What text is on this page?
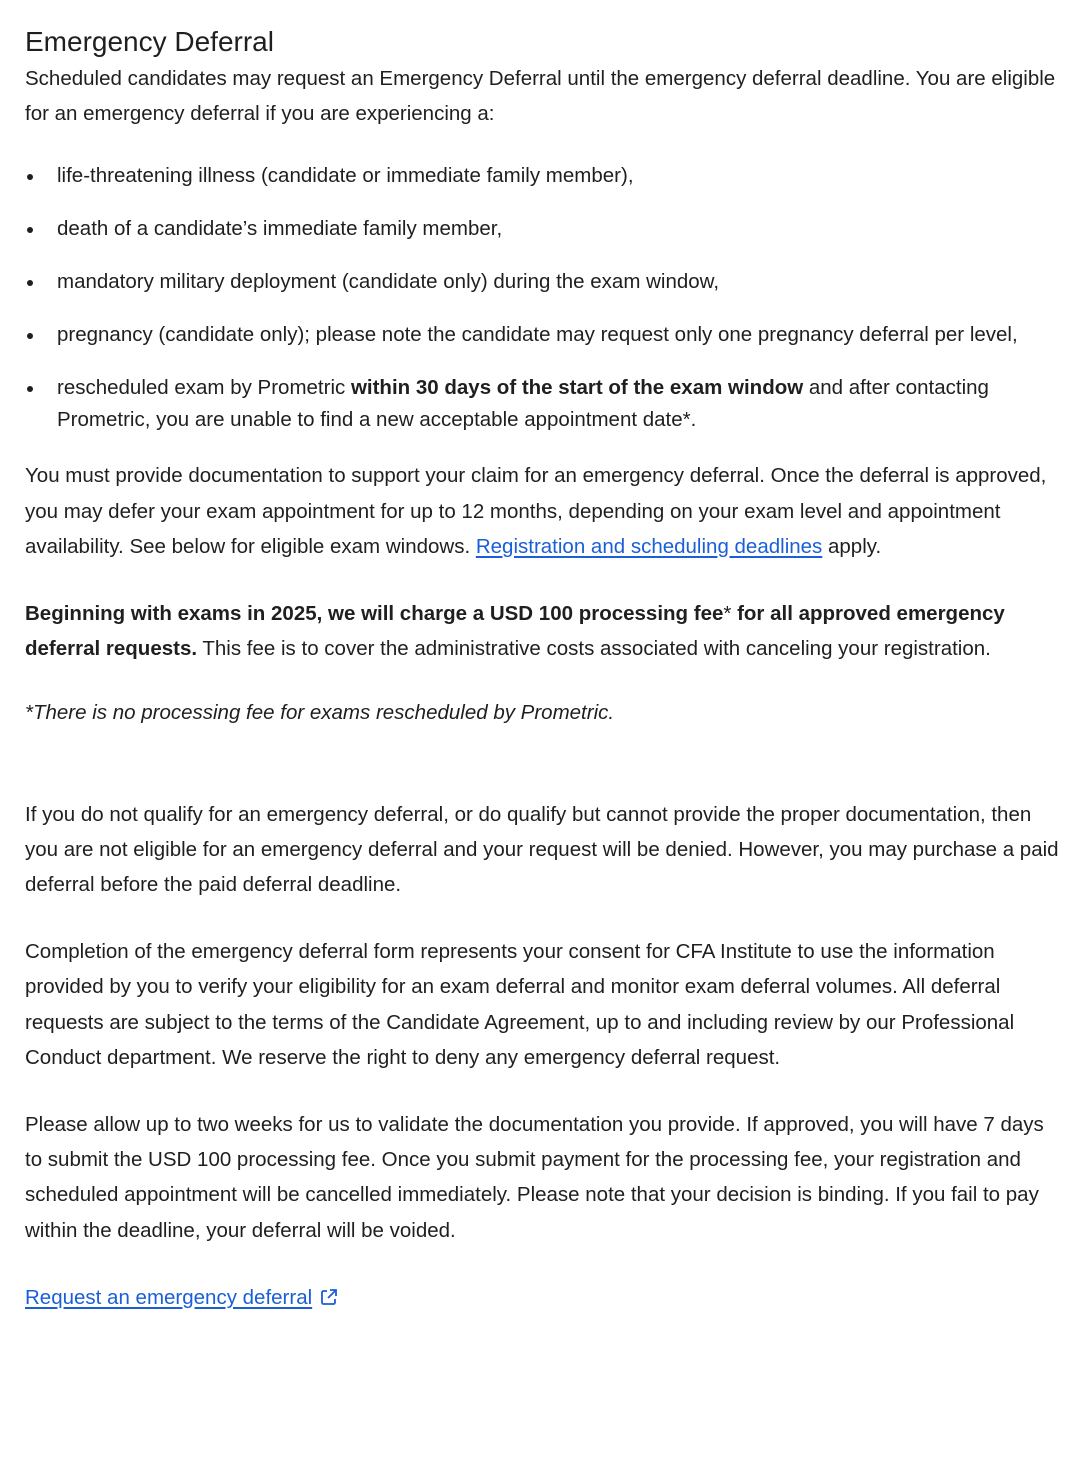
Emergency Deferral

Scheduled candidates may request an Emergency Deferral until the emergency deferral deadline. You are eligible for an emergency deferral if you are experiencing a:

life-threatening illness (candidate or immediate family member),
death of a candidate’s immediate family member,
mandatory military deployment (candidate only) during the exam window,
pregnancy (candidate only); please note the candidate may request only one pregnancy deferral per level,
rescheduled exam by Prometric within 30 days of the start of the exam window and after contacting Prometric, you are unable to find a new acceptable appointment date*.

You must provide documentation to support your claim for an emergency deferral. Once the deferral is approved, you may defer your exam appointment for up to 12 months, depending on your exam level and appointment availability. See below for eligible exam windows. Registration and scheduling deadlines apply.

Beginning with exams in 2025, we will charge a USD 100 processing fee* for all approved emergency deferral requests. This fee is to cover the administrative costs associated with canceling your registration.

*There is no processing fee for exams rescheduled by Prometric.

If you do not qualify for an emergency deferral, or do qualify but cannot provide the proper documentation, then you are not eligible for an emergency deferral and your request will be denied. However, you may purchase a paid deferral before the paid deferral deadline.

Completion of the emergency deferral form represents your consent for CFA Institute to use the information provided by you to verify your eligibility for an exam deferral and monitor exam deferral volumes. All deferral requests are subject to the terms of the Candidate Agreement, up to and including review by our Professional Conduct department. We reserve the right to deny any emergency deferral request.

Please allow up to two weeks for us to validate the documentation you provide. If approved, you will have 7 days to submit the USD 100 processing fee. Once you submit payment for the processing fee, your registration and scheduled appointment will be cancelled immediately. Please note that your decision is binding. If you fail to pay within the deadline, your deferral will be voided.

Request an emergency deferral
